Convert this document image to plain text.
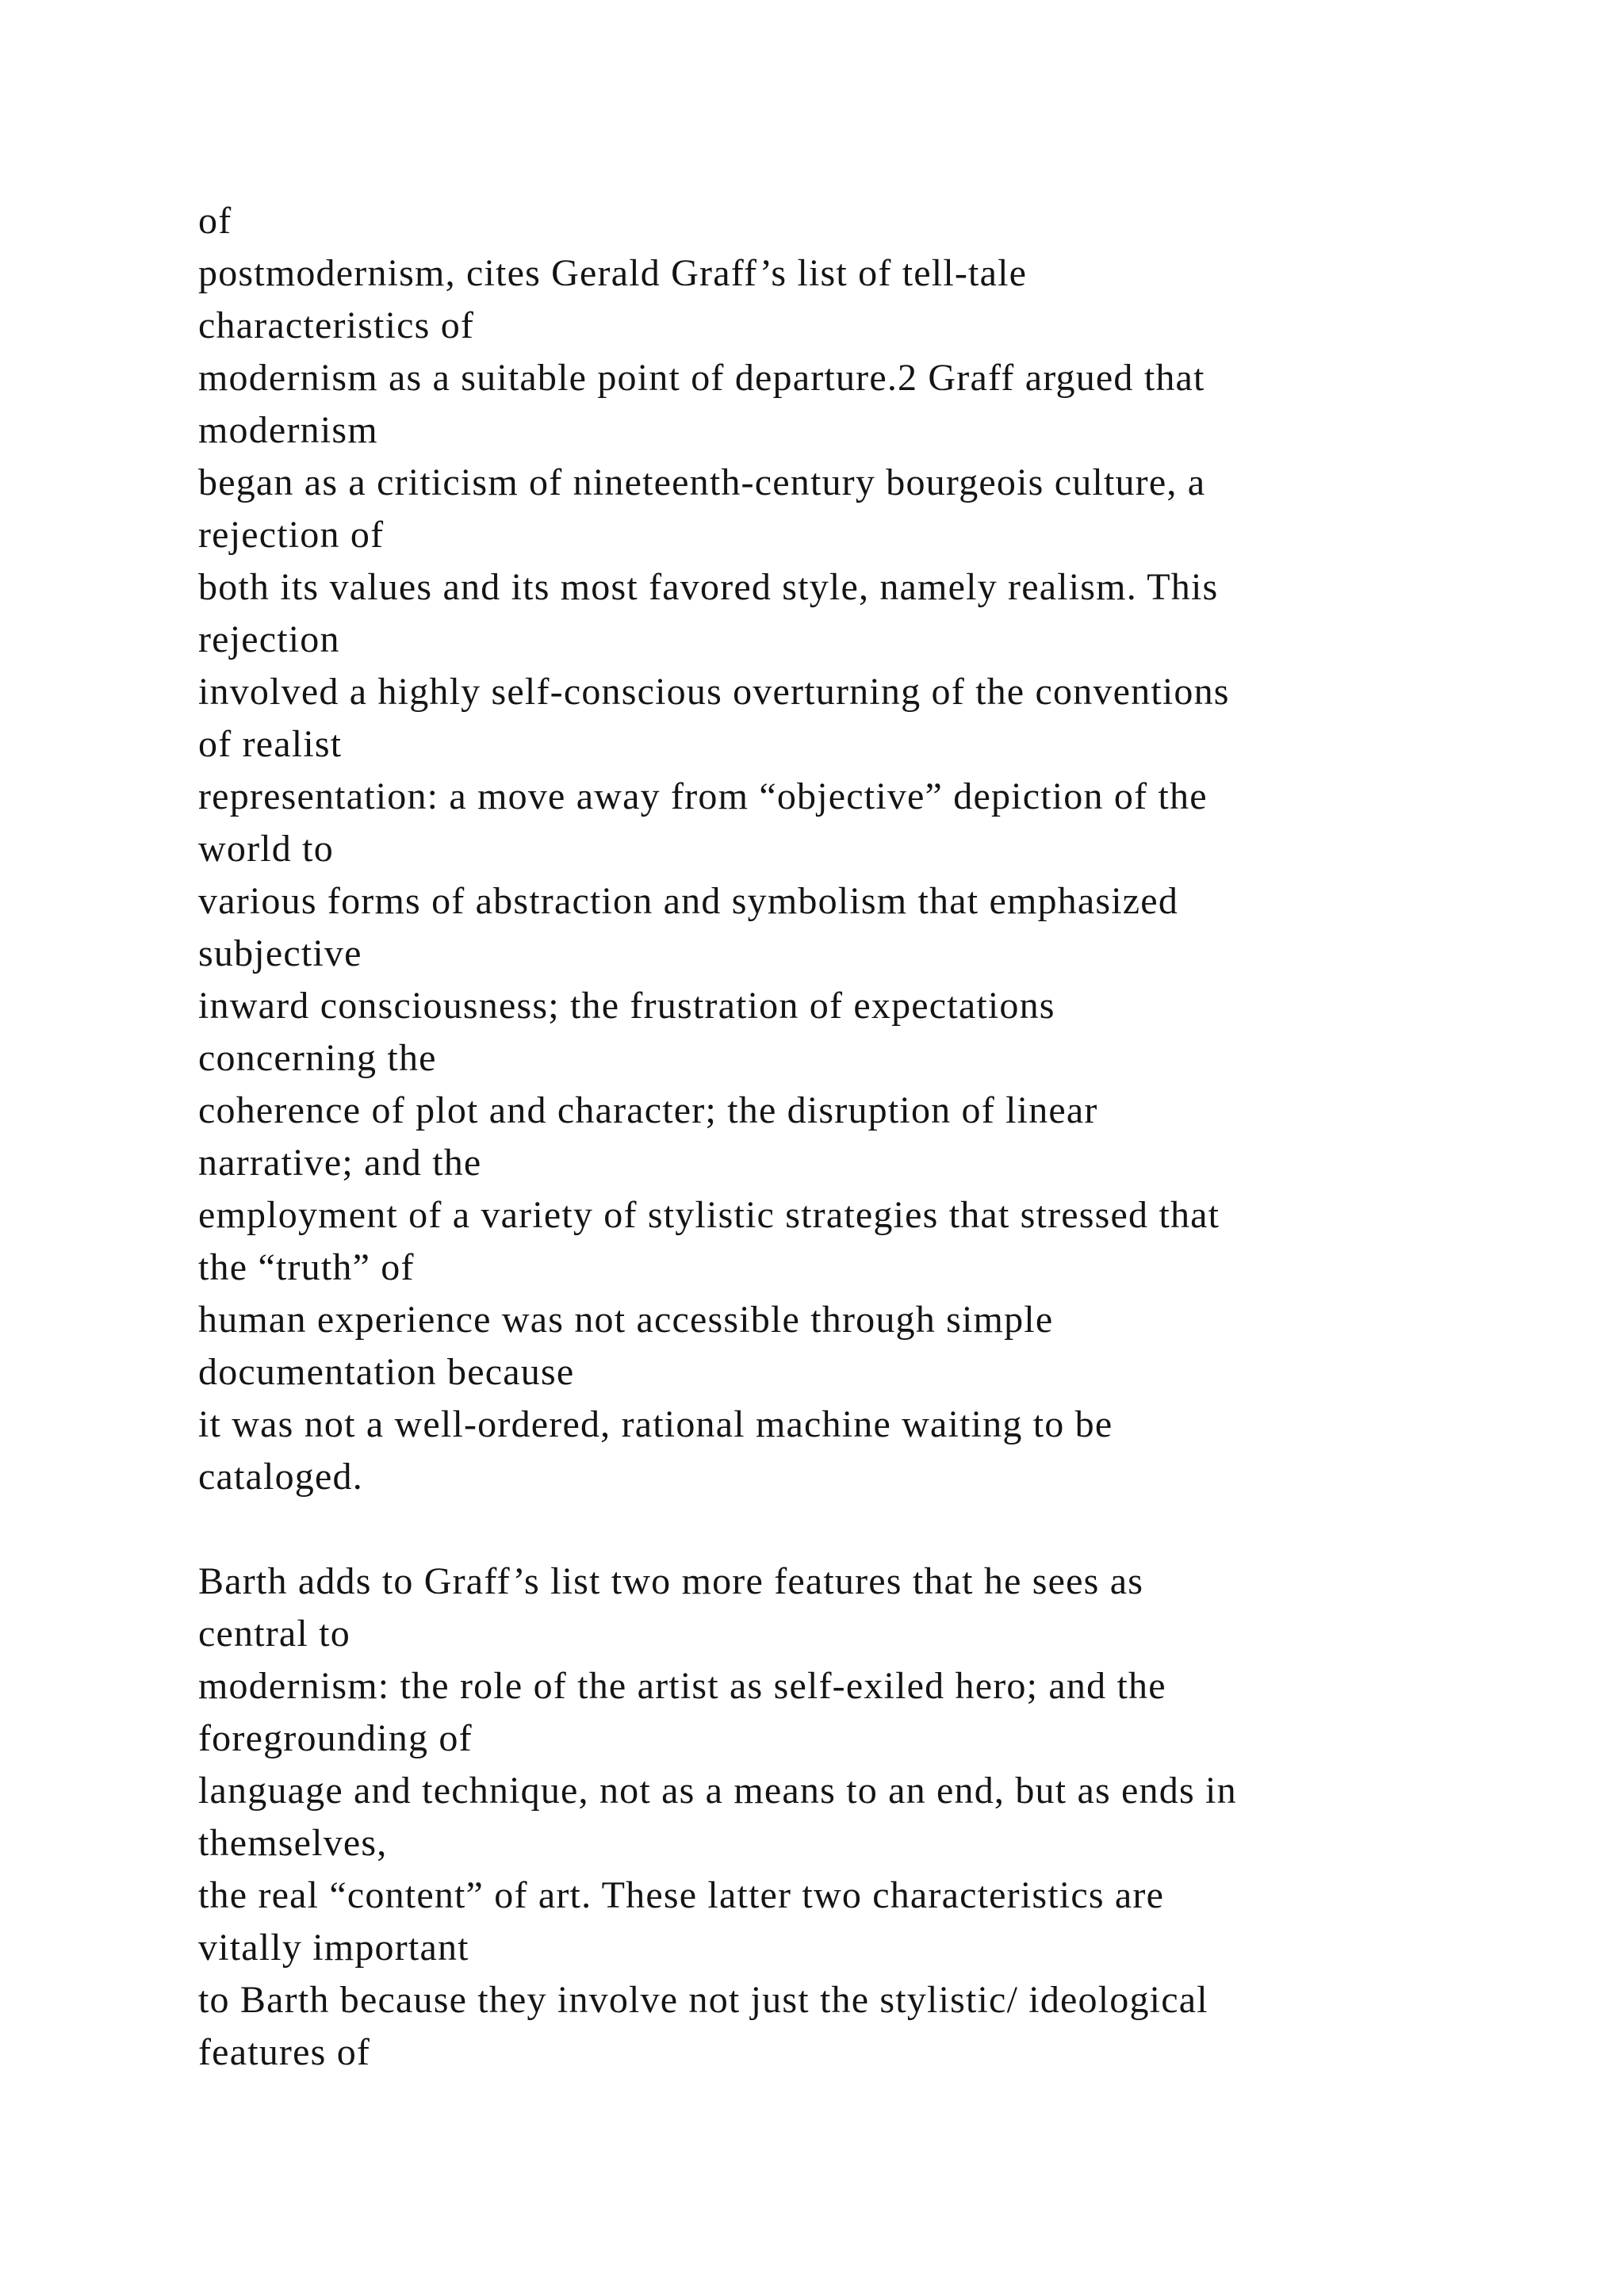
of
postmodernism, cites Gerald Graff’s list of tell-tale
characteristics of
modernism as a suitable point of departure.2 Graff argued that
modernism
began as a criticism of nineteenth-century bourgeois culture, a
rejection of
both its values and its most favored style, namely realism. This
rejection
involved a highly self-conscious overturning of the conventions
of realist
representation: a move away from “objective” depiction of the
world to
various forms of abstraction and symbolism that emphasized
subjective
inward consciousness; the frustration of expectations
concerning the
coherence of plot and character; the disruption of linear
narrative; and the
employment of a variety of stylistic strategies that stressed that
the “truth” of
human experience was not accessible through simple
documentation because
it was not a well-ordered, rational machine waiting to be
cataloged.
Barth adds to Graff’s list two more features that he sees as
central to
modernism: the role of the artist as self-exiled hero; and the
foregrounding of
language and technique, not as a means to an end, but as ends in
themselves,
the real “content” of art. These latter two characteristics are
vitally important
to Barth because they involve not just the stylistic/ ideological
features of
